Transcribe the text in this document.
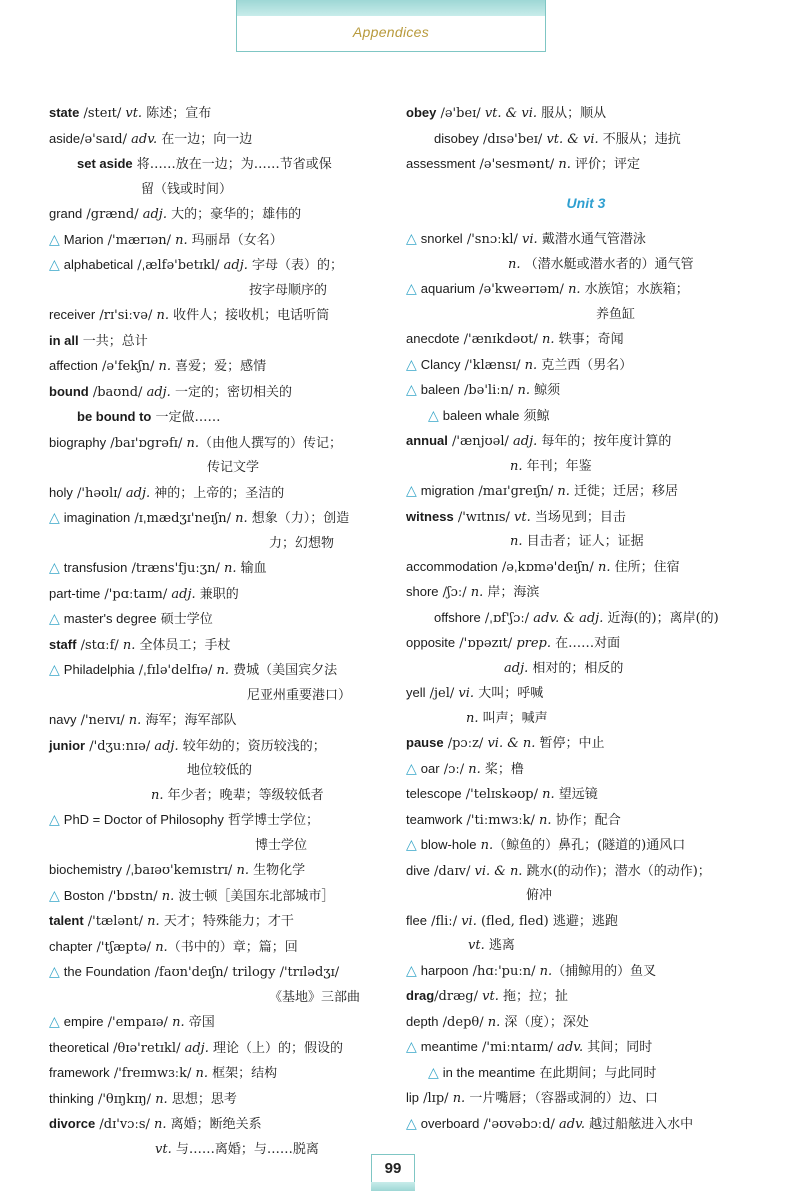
Appendices
state /steɪt/ vt. 陈述；宣布
aside/ə'saɪd/ adv. 在一边；向一边
set aside 将……放在一边；为……节省或保
留（钱或时间）
grand /grænd/ adj. 大的；豪华的；雄伟的
△ Marion /'mærɪən/ n. 玛丽昂（女名）
△ alphabetical /ˌælfə'betɪkl/ adj. 字母（表）的；
按字母顺序的
receiver /rɪ'siːvə/ n. 收件人；接收机；电话听筒
in all 一共；总计
affection /ə'fekʃn/ n. 喜爱；爱；感情
bound /baʊnd/ adj. 一定的；密切相关的
be bound to 一定做……
biography /baɪ'ɒgrəfɪ/ n.（由他人撰写的）传记；
传记文学
holy /'həʊlɪ/ adj. 神的；上帝的；圣洁的
△ imagination /ɪˌmædʒɪ'neɪʃn/ n. 想象（力）；创造
力；幻想物
△ transfusion /træns'fjuːʒn/ n. 输血
part-time /'pɑːtaɪm/ adj. 兼职的
△ master's degree 硕士学位
staff /stɑːf/ n. 全体员工；手杖
△ Philadelphia /ˌfɪlə'delfɪə/ n. 费城（美国宾夕法
尼亚州重要港口）
navy /'neɪvɪ/ n. 海军；海军部队
junior /'dʒuːnɪə/ adj. 较年幼的；资历较浅的；
地位较低的
n. 年少者；晚辈；等级较低者
△ PhD = Doctor of Philosophy 哲学博士学位；
博士学位
biochemistry /ˌbaɪəʊ'kemɪstrɪ/ n. 生物化学
△ Boston /'bɒstn/ n. 波士顿［美国东北部城市］
talent /'tælənt/ n. 天才；特殊能力；才干
chapter /'tʃæptə/ n.（书中的）章；篇；回
△ the Foundation /faʊn'deɪʃn/ trilogy /'trɪlədʒɪ/
《基地》三部曲
△ empire /'empaɪə/ n. 帝国
theoretical /θɪə'retɪkl/ adj. 理论（上）的；假设的
framework /'freɪmwɜːk/ n. 框架；结构
thinking /'θɪŋkɪŋ/ n. 思想；思考
divorce /dɪ'vɔːs/ n. 离婚；断绝关系
vt. 与……离婚；与……脱离
obey /ə'beɪ/ vt. & vi. 服从；顺从
disobey /dɪsə'beɪ/ vt. & vi. 不服从；违抗
assessment /ə'sesmənt/ n. 评价；评定
Unit 3
△ snorkel /'snɔːkl/ vi. 戴潜水通气管潜泳
n. （潜水艇或潜水者的）通气管
△ aquarium /ə'kweərɪəm/ n. 水族馆；水族箱；
养鱼缸
anecdote /'ænɪkdəʊt/ n. 轶事；奇闻
△ Clancy /'klænsɪ/ n. 克兰西（男名）
△ baleen /bə'liːn/ n. 鲸须
△ baleen whale 须鲸
annual /'ænjʊəl/ adj. 每年的；按年度计算的
n. 年刊；年鉴
△ migration /maɪ'greɪʃn/ n. 迁徙；迁居；移居
witness /'wɪtnɪs/ vt. 当场见到；目击
n. 目击者；证人；证据
accommodation /əˌkɒmə'deɪʃn/ n. 住所；住宿
shore /ʃɔː/ n. 岸；海滨
offshore /ˌɒf'ʃɔː/ adv. & adj. 近海(的)；离岸(的)
opposite /'ɒpəzɪt/ prep. 在……对面
adj. 相对的；相反的
yell /jel/ vi. 大叫；呼喊
n. 叫声；喊声
pause /pɔːz/ vi. & n. 暂停；中止
△ oar /ɔː/ n. 桨；橹
telescope /'telɪskəʊp/ n. 望远镜
teamwork /'tiːmwɜːk/ n. 协作；配合
△ blow-hole n.（鲸鱼的）鼻孔；(隧道的)通风口
dive /daɪv/ vi. & n. 跳水(的动作)；潜水（的动作)；
俯冲
flee /fliː/ vi. (fled, fled) 逃避；逃跑
vt. 逃离
△ harpoon /hɑː'puːn/ n.（捕鲸用的）鱼叉
drag/dræg/ vt. 拖；拉；扯
depth /depθ/ n. 深（度）；深处
△ meantime /'miːntaɪm/ adv. 其间；同时
△ in the meantime 在此期间；与此同时
lip /lɪp/ n. 一片嘴唇；（容器或洞的）边、口
△ overboard /'əʊvəbɔːd/ adv. 越过船舷进入水中
99
